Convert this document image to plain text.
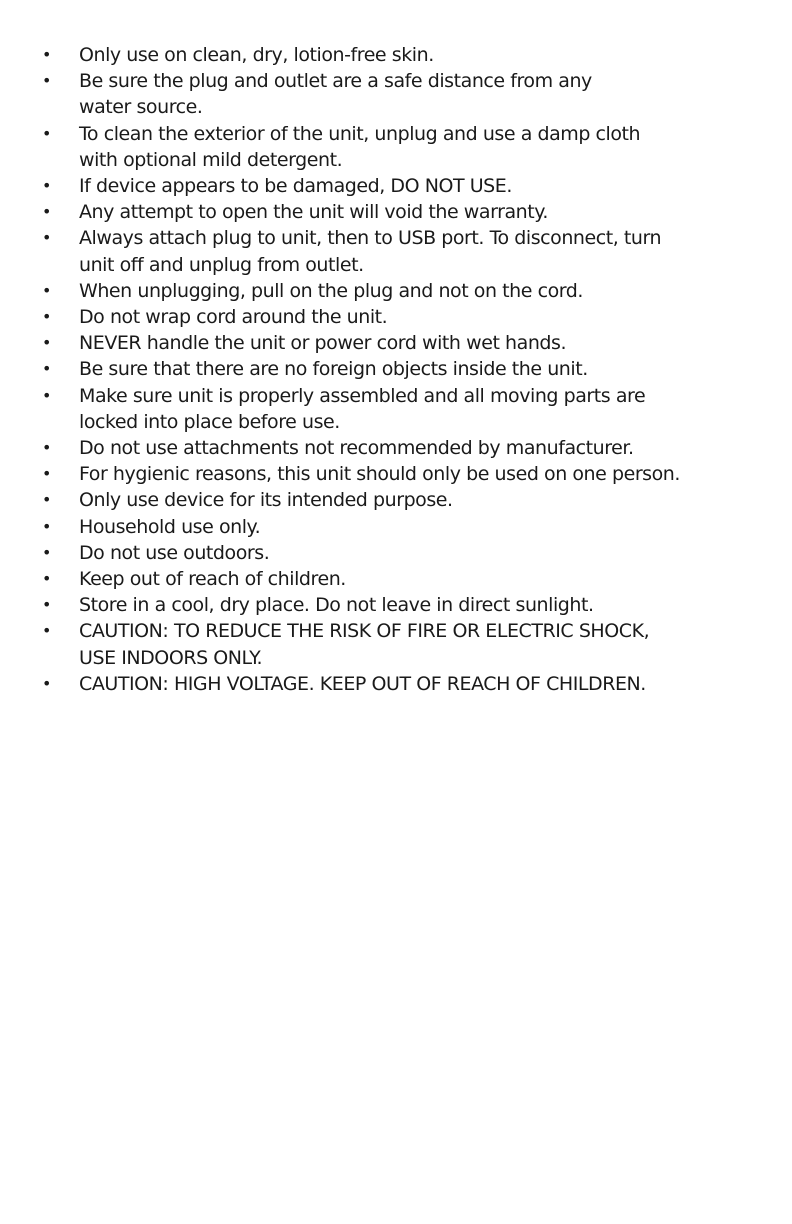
• Only use on clean, dry, lotion-free skin.
• Be sure the plug and outlet are a safe distance from any
water source.
• To clean the exterior of the unit, unplug and use a damp cloth
with optional mild detergent.
• If device appears to be damaged, DO NOT USE.
• Any attempt to open the unit will void the warranty.
• Always attach plug to unit, then to USB port. To disconnect, turn
unit off and unplug from outlet.
• When unplugging, pull on the plug and not on the cord.
• Do not wrap cord around the unit.
• NEVER handle the unit or power cord with wet hands.
• Be sure that there are no foreign objects inside the unit.
• Make sure unit is properly assembled and all moving parts are
locked into place before use.
• Do not use attachments not recommended by manufacturer.
• For hygienic reasons, this unit should only be used on one person.
• Only use device for its intended purpose.
• Household use only.
• Do not use outdoors.
• Keep out of reach of children.
• Store in a cool, dry place. Do not leave in direct sunlight.
• CAUTION: TO REDUCE THE RISK OF FIRE OR ELECTRIC SHOCK,
USE INDOORS ONLY.
• CAUTION: HIGH VOLTAGE. KEEP OUT OF REACH OF CHILDREN.
